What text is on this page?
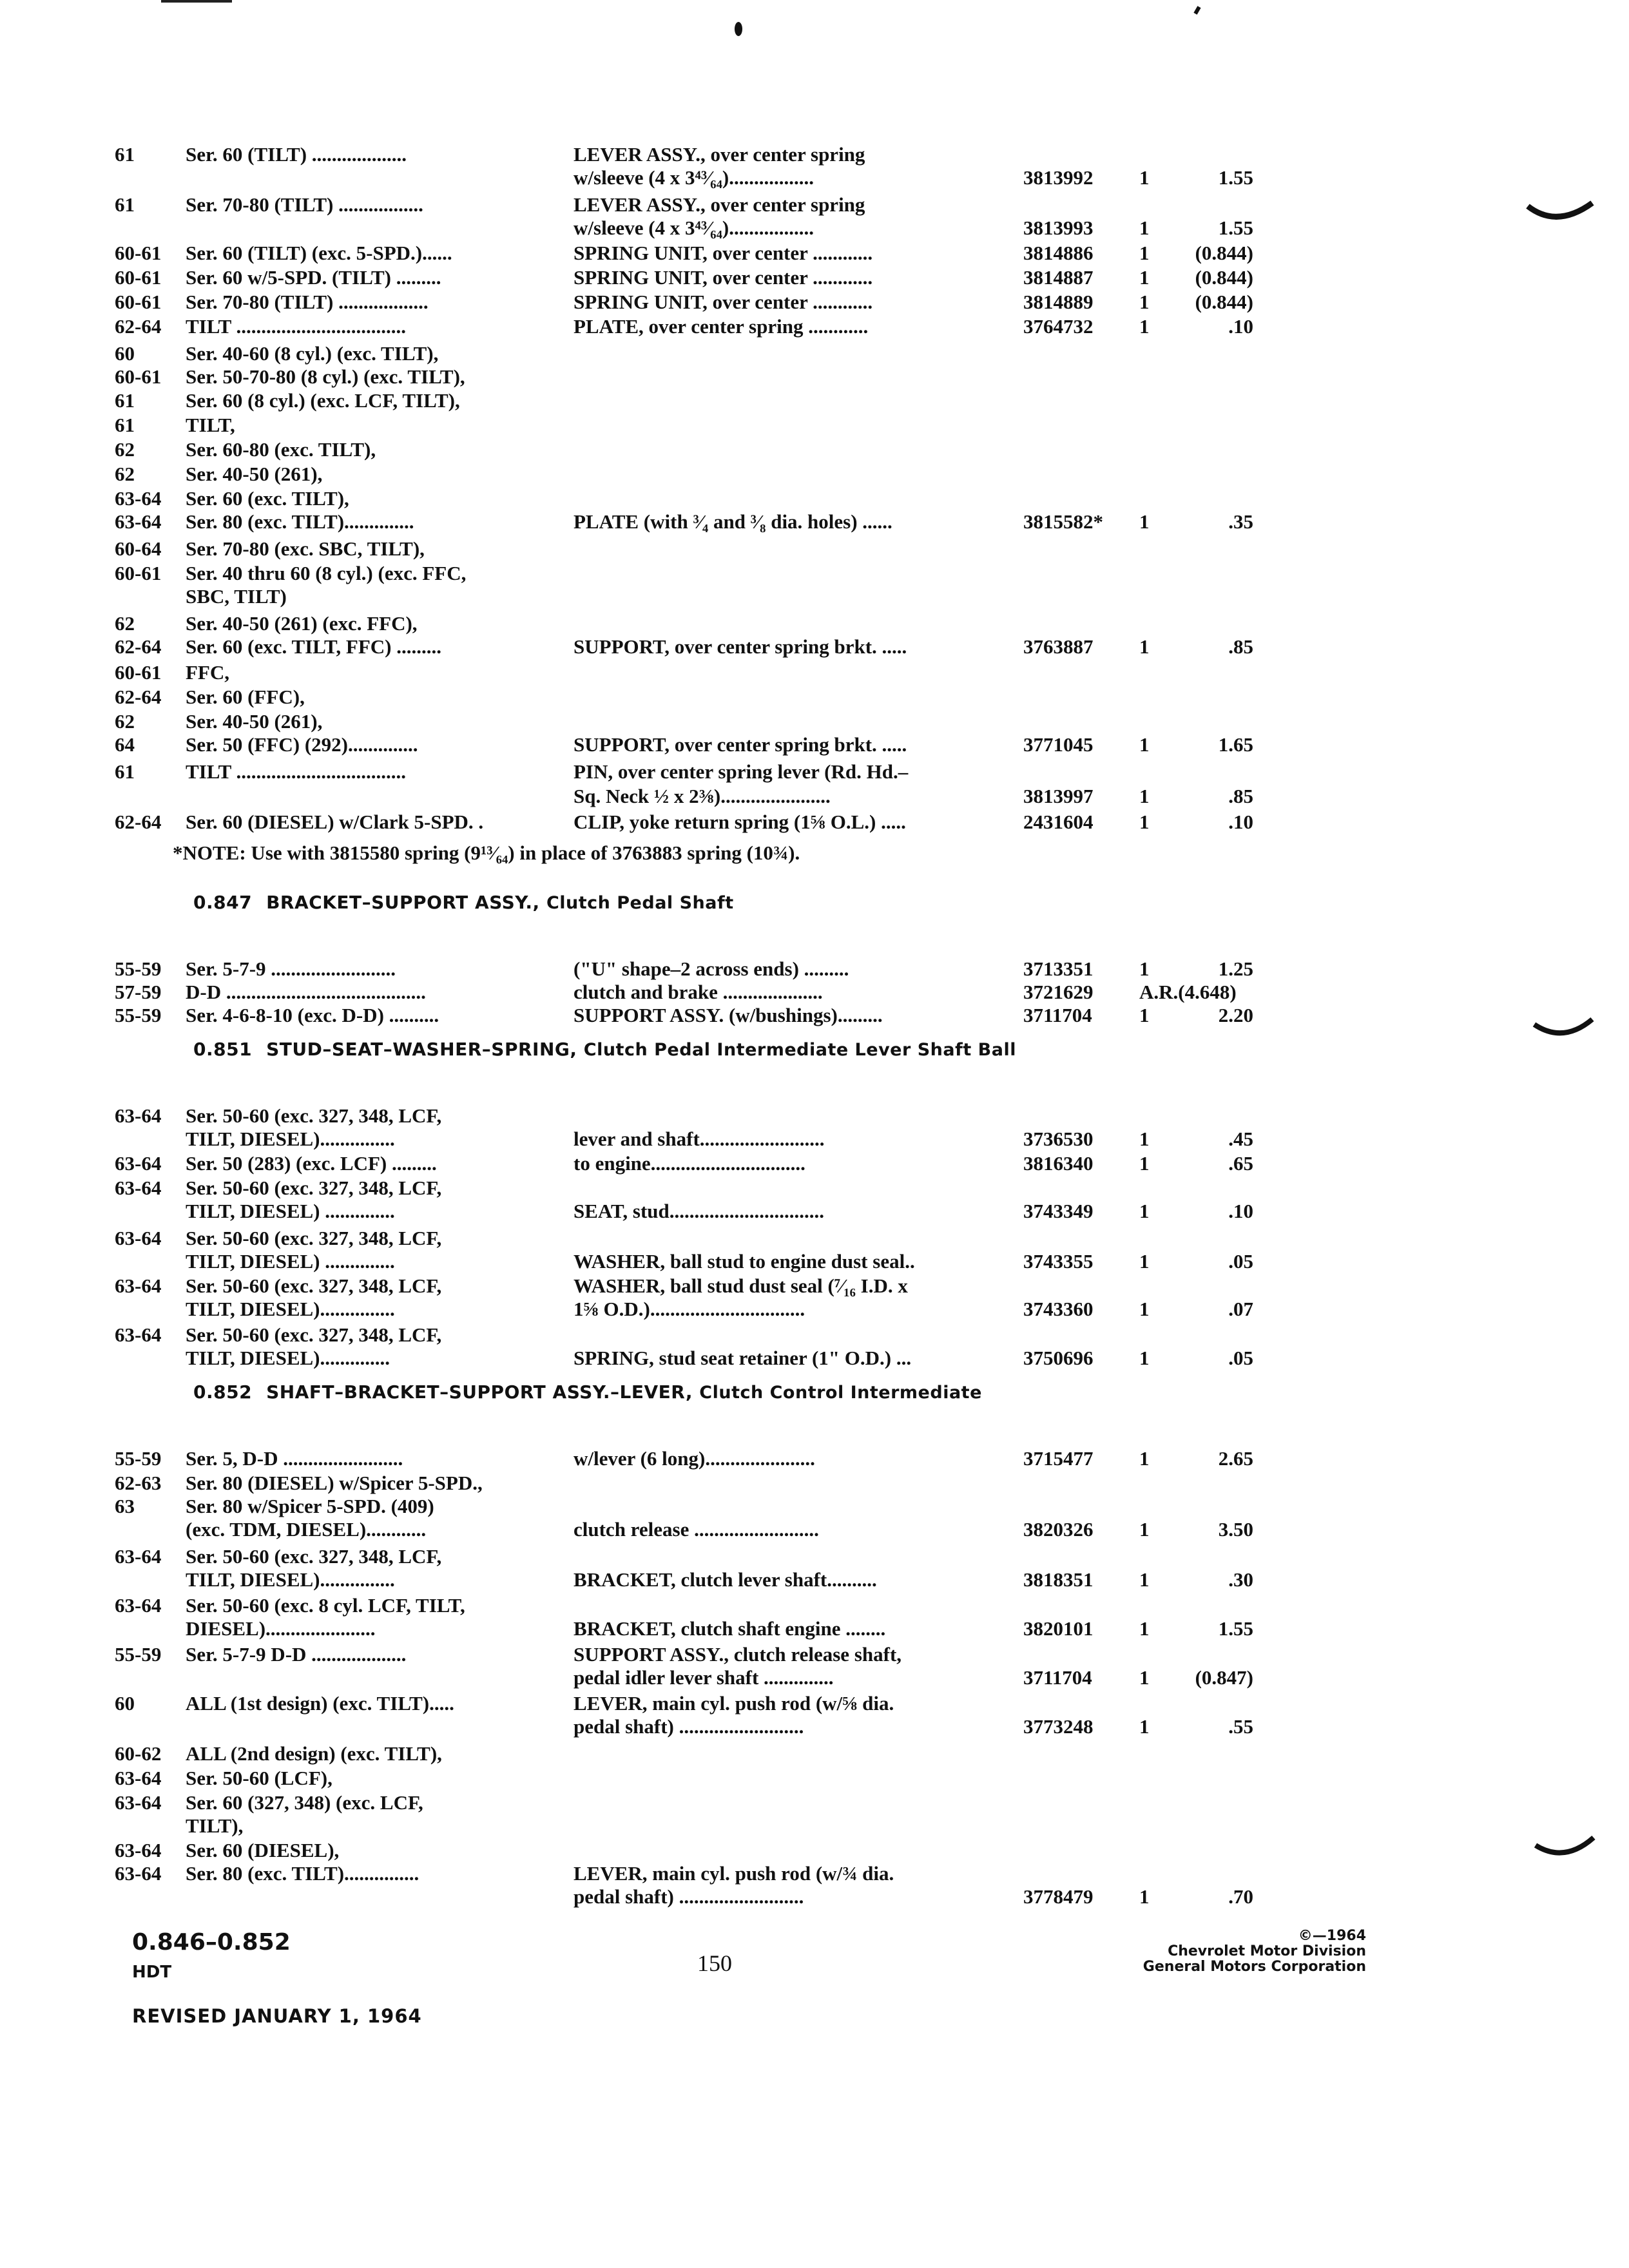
61	Ser. 60 (TILT) ...................	LEVER ASSY., over center spring
w/sleeve (4 x 3⁴³⁄₆₄).................	3813992 1	1.55
61	Ser. 70-80 (TILT) .................	LEVER ASSY., over center spring
w/sleeve (4 x 3⁴³⁄₆₄).................	3813993 1	1.55
60-61 Ser. 60 (TILT) (exc. 5-SPD.)......	SPRING UNIT, over center ............	3814886 1	(0.844)
60-61 Ser. 60 w/5-SPD. (TILT) .........	SPRING UNIT, over center ............	3814887 1	(0.844)
60-61 Ser. 70-80 (TILT) ..................	SPRING UNIT, over center ............	3814889 1	(0.844)
62-64 TILT ..................................	PLATE, over center spring ............	3764732 1	.10
60	Ser. 40-60 (8 cyl.) (exc. TILT),
60-61 Ser. 50-70-80 (8 cyl.) (exc. TILT),
61	Ser. 60 (8 cyl.) (exc. LCF, TILT),
61	TILT,
62	Ser. 60-80 (exc. TILT),
62	Ser. 40-50 (261),
63-64 Ser. 60 (exc. TILT),
63-64 Ser. 80 (exc. TILT)..............	PLATE (with ³⁄₄ and ³⁄₈ dia. holes) ......	3815582* 1	.35
60-64 Ser. 70-80 (exc. SBC, TILT),
60-61 Ser. 40 thru 60 (8 cyl.) (exc. FFC,
SBC, TILT)
62	Ser. 40-50 (261) (exc. FFC),
62-64 Ser. 60 (exc. TILT, FFC) .........	SUPPORT, over center spring brkt. .....	3763887 1	.85
60-61 FFC,
62-64 Ser. 60 (FFC),
62	Ser. 40-50 (261),
64	Ser. 50 (FFC) (292)..............	SUPPORT, over center spring brkt. .....	3771045 1	1.65
61	TILT ..................................	PIN, over center spring lever (Rd. Hd.–
Sq. Neck ½ x 2⅜)......................	3813997 1	.85
62-64 Ser. 60 (DIESEL) w/Clark 5-SPD. .	CLIP, yoke return spring (1⅝ O.L.) .....	2431604 1	.10
*NOTE: Use with 3815580 spring (9¹³⁄₆₄) in place of 3763883 spring (10¾).
0.847 BRACKET–SUPPORT ASSY., Clutch Pedal Shaft
55-59 Ser. 5-7-9 .........................	("U" shape–2 across ends) .........	3713351 1	1.25
57-59 D-D ........................................	clutch and brake ....................	3721629 A.R.(4.648)
55-59 Ser. 4-6-8-10 (exc. D-D) ..........	SUPPORT ASSY. (w/bushings).........	3711704 1	2.20
0.851 STUD–SEAT–WASHER–SPRING, Clutch Pedal Intermediate Lever Shaft Ball
63-64 Ser. 50-60 (exc. 327, 348, LCF,
TILT, DIESEL)...............	lever and shaft.........................	3736530 1	.45
63-64 Ser. 50 (283) (exc. LCF) .........	to engine...............................	3816340 1	.65
63-64 Ser. 50-60 (exc. 327, 348, LCF,
TILT, DIESEL) ..............	SEAT, stud...............................	3743349 1	.10
63-64 Ser. 50-60 (exc. 327, 348, LCF,
TILT, DIESEL) ..............	WASHER, ball stud to engine dust seal..	3743355 1	.05
63-64 Ser. 50-60 (exc. 327, 348, LCF,	WASHER, ball stud dust seal (⁷⁄₁₆ I.D. x
TILT, DIESEL)...............	1⅝ O.D.)...............................	3743360 1	.07
63-64 Ser. 50-60 (exc. 327, 348, LCF,
TILT, DIESEL)..............	SPRING, stud seat retainer (1" O.D.) ...	3750696 1	.05
0.852 SHAFT–BRACKET–SUPPORT ASSY.–LEVER, Clutch Control Intermediate
55-59 Ser. 5, D-D ........................	w/lever (6 long)......................	3715477 1	2.65
62-63 Ser. 80 (DIESEL) w/Spicer 5-SPD.,
63	Ser. 80 w/Spicer 5-SPD. (409)
(exc. TDM, DIESEL)............	clutch release .........................	3820326 1	3.50
63-64 Ser. 50-60 (exc. 327, 348, LCF,
TILT, DIESEL)...............	BRACKET, clutch lever shaft..........	3818351 1	.30
63-64 Ser. 50-60 (exc. 8 cyl. LCF, TILT,
DIESEL)......................	BRACKET, clutch shaft engine ........	3820101 1	1.55
55-59 Ser. 5-7-9 D-D ...................	SUPPORT ASSY., clutch release shaft,
pedal idler lever shaft ..............	3711704 1	(0.847)
60	ALL (1st design) (exc. TILT).....	LEVER, main cyl. push rod (w/⅝ dia.
pedal shaft) .........................	3773248 1	.55
60-62 ALL (2nd design) (exc. TILT),
63-64 Ser. 50-60 (LCF),
63-64 Ser. 60 (327, 348) (exc. LCF,
TILT),
63-64 Ser. 60 (DIESEL),
63-64 Ser. 80 (exc. TILT)...............	LEVER, main cyl. push rod (w/¾ dia.
pedal shaft) .........................	3778479 1	.70
0.846–0.852
HDT	150
©—1964
Chevrolet Motor Division
General Motors Corporation
REVISED JANUARY 1, 1964
